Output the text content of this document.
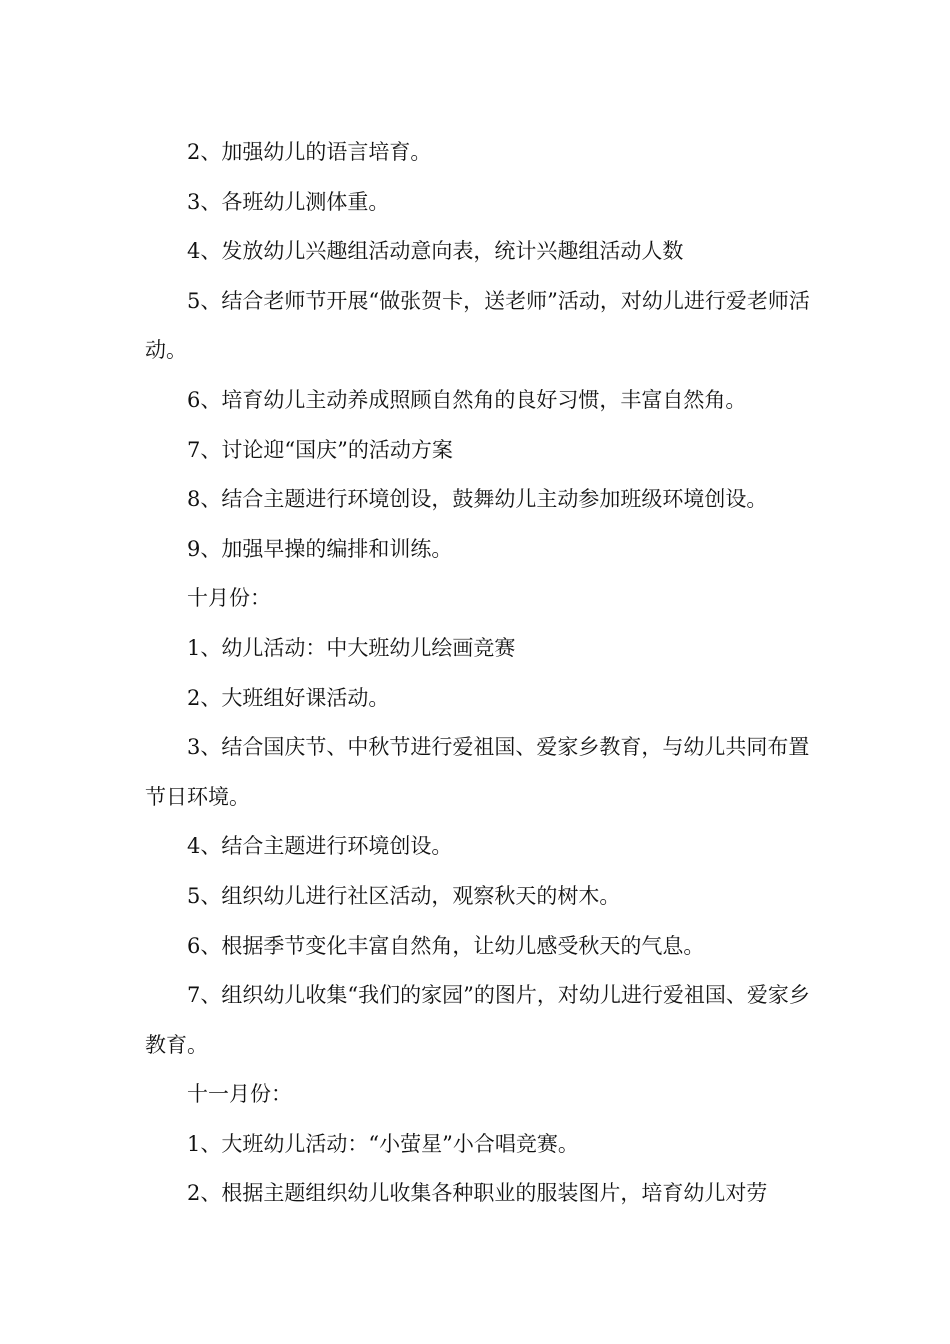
2、加强幼儿的语言培育。

3、各班幼儿测体重。

4、发放幼儿兴趣组活动意向表，统计兴趣组活动人数

5、结合老师节开展“做张贺卡，送老师”活动，对幼儿进行爱老师活动。

6、培育幼儿主动养成照顾自然角的良好习惯，丰富自然角。

7、讨论迎“国庆”的活动方案

8、结合主题进行环境创设，鼓舞幼儿主动参加班级环境创设。

9、加强早操的编排和训练。

十月份：

1、幼儿活动：中大班幼儿绘画竞赛

2、大班组好课活动。

3、结合国庆节、中秋节进行爱祖国、爱家乡教育，与幼儿共同布置节日环境。

4、结合主题进行环境创设。

5、组织幼儿进行社区活动，观察秋天的树木。

6、根据季节变化丰富自然角，让幼儿感受秋天的气息。

7、组织幼儿收集“我们的家园”的图片，对幼儿进行爱祖国、爱家乡教育。

十一月份：

1、大班幼儿活动：“小萤星”小合唱竞赛。

2、根据主题组织幼儿收集各种职业的服装图片，培育幼儿对劳
